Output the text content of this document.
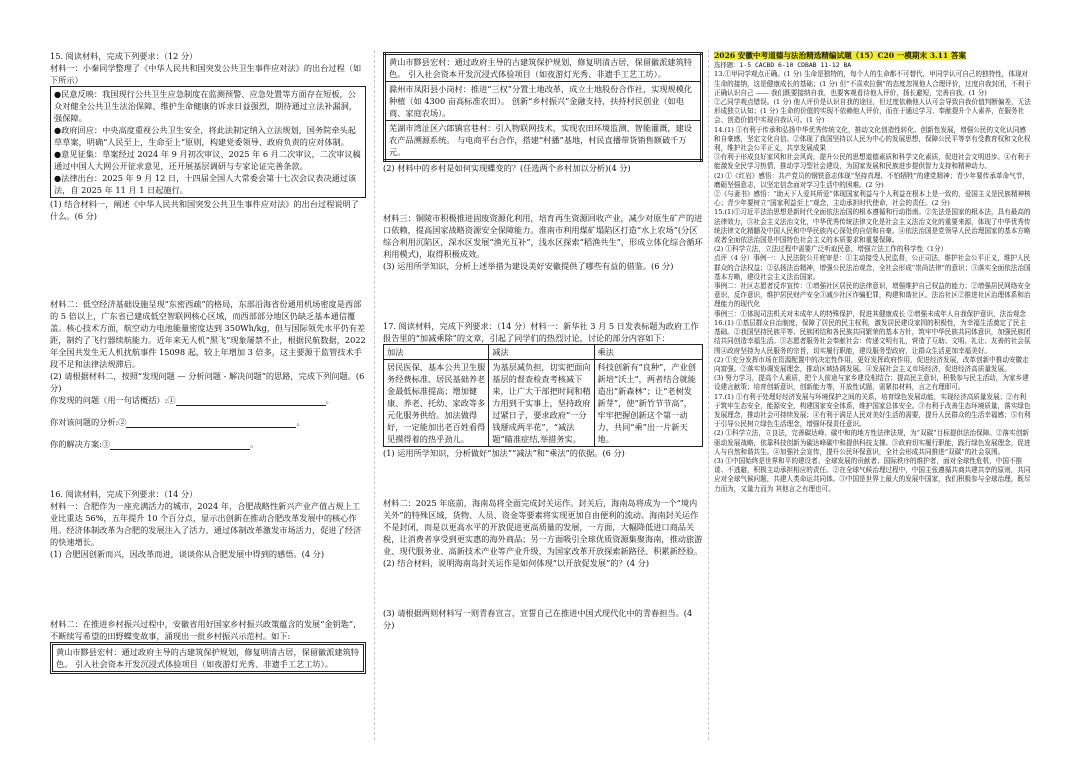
15. 阅读材料，完成下列要求：（12 分）

材料一：小秦同学整理了《中华人民共和国突发公共卫生事件应对法》的出台过程（如下所示）

●民意反映：我国现行公共卫生应急制度在监测预警、应急处置等方面存在短板，公众对健全公共卫生法治保障、维护生命健康的诉求日益强烈，期待通过立法补漏洞，强保障。

●政府回应：中央高度重视公共卫生安全，将此法制定纳入立法规划，国务院牵头起草草案，明确“人民至上，生命至上”原则，构建党委领导、政府负责的应对体制。

●意见征集：草案经过 2024 年 9 月初次审议、2025 年 6 月二次审议，二次审议稿通过中国人大网公开征求意见，还开展基层调研与专家论证完善条款。

●法律出台：2025 年 9 月 12 日，十四届全国人大常委会第十七次会议表决通过该法，自 2025 年 11 月 1 日起施行。

(1) 结合材料一，阐述《中华人民共和国突发公共卫生事件应对法》的出台过程说明了什么。(6 分)

材料二：低空经济基础设施呈现“东密西疏”的格局，东部沿海省份通用机场密度是西部的 5 倍以上，广东省已建成低空智联网核心区域，而西部部分地区仍缺乏基本通信覆盖。核心技术方面，航空动力电池能量密度达到 350Wh/kg，但与国际领先水平仍有差距，制约了飞行器续航能力。近年来无人机“黑飞”现象屡禁不止，根据民航数据，2022 年全国共发生无人机扰航事件 15098 起，较上年增加 3 倍多，这主要源于监管技术手段不足和法律法规滞后。

(2) 请根据材料二，按照“发现问题 — 分析问题 - 解决问题”的思路，完成下列问题。(6 分)

你发现的问题（用一句话概括）:①	。

你对该问题的分析:②	。

你的解决方案:③	。

16. 阅读材料，完成下列要求：（14 分）

材料一：合肥作为一座充满活力的城市，2024 年，合肥战略性新兴产业产值占规上工业比重达 56%，五年提升 10 个百分点，显示出创新在推动合肥改革发展中的核心作用。经济体制改革为合肥的发展注入了活力，通过体制改革激发市场活力，促进了经济的快速增长。

(1) 合肥因创新而兴，因改革而进，谈谈你从合肥发展中得到的感悟。(4 分)

材料二：在推进乡村振兴过程中，安徽省用好国家乡村振兴政策蕴含的发展“金钥匙”，不断续写希望的田野蝶变故事，涌现出一批乡村振兴示范村。如下:

黄山市黟县宏村：通过政府主导的古建筑保护规划，修复明清古居，保留徽派建筑特色。 引入社会资本开发沉浸式体验项目（如夜游灯光秀、非遗手工艺工坊）。

黄山市黟县宏村：通过政府主导的古建筑保护规划，修复明清古居，保留徽派建筑特色。 引入社会资本开发沉浸式体验项目（如夜游灯光秀、非遗手工艺工坊）。
滁州市凤阳县小岗村：推进“三权”分置土地改革，成立土地股份合作社，实现规模化种植（如 4300 亩高标准农田）。 创新“乡村振兴”金融支持，扶持村民创业（如电商、家庭农场）。
芜湖市湾沚区六郎镇官巷村：引入物联网技术，实现农田环境监测、智能灌溉，建设农产品溯源系统。 与电商平台合作，搭建“村播”基地，村民直播带货销售额破千万元。

(2) 材料中的乡村是如何实现蝶变的？(任选两个乡村加以分析)(4 分)

材料三：铜陵市积极推进固废资源化利用，培育再生资源回收产业，减少对原生矿产的进口依赖，提高国家战略资源安全保障能力。淮南市利用煤矿塌陷区打造“水上农场”(分区综合利用沉陷区，深水区发展“渔光互补”，浅水区探索“稻渔共生”，形成立体化综合循环利用模式)，取得积极成效。

(3) 运用所学知识，分析上述举措为建设美好安徽提供了哪些有益的借鉴。(6 分)

17. 阅读材料，完成下列要求：（14 分）材料一：新华社 3 月 5 日发表标题为政府工作报告里的“加减乘除”的文章，引起了同学们的热烈讨论，讨论的部分内容如下：

加法	减法	乘法
居民医保、基本公共卫生服务经费标准、居民基础养老金最低标准提高；增加健康、养老、托幼、家政等多元化服务供给。加法做得好，一定能加出老百姓看得见摸得着的热乎劲儿。	为基层减负担，切实把面向基层的督查检查考核减下来，让广大干部把时间和精力用到干实事上，坚持政府过紧日子，要求政府“一分钱掰成两半花”，“减法题”瞄准症结,举措务实。	科技创新有“良种”，产业创新培“沃土”，两者结合就能造出“新森林”；让“老树发新芽”，使“新竹节节高”，牢牢把握创新这个第一动力，共同“乘”出一片新天地。

(1) 运用所学知识，分析做好“加法”“减法”和“乘法”的依据。(6 分)

材料二：2025 年底前，海南岛将全面完成封关运作。封关后，海南岛将成为一个“境内关外”的特殊区域，货物、人员、资金等要素将实现更加自由便利的流动。海南封关运作不是封闭，而是以更高水平的开放促进更高质量的发展，一方面，大幅降低进口商品关税，让消费者享受到更实惠的海外商品；另一方面吸引全球优质资源集聚海南，推动旅游业、现代服务业、高新技术产业等产业升级，为国家改革开放探索新路径、积累新经验。

(2) 结合材料，说明海南岛封关运作是如何体现“以开放促发展”的？(4 分)

(3) 请根据两则材料写一则青春宣言，宣誓自己在推进中国式现代化中的青春担当。(4 分)

2026 安徽中考道德与法治精选精编试题（15）C20 一模期末 3.11 答案

选择题：1-5 CACBD 6-10 CDBAB 11-12 BA

13.①甲同学观点正确。(1 分) 生命是独特的，每个人的生命都不可替代，甲同学认可自己的独特性，体现对生命的接纳，这是健康成长的基础；(1 分) 但“不喜欢拉倒”的态度忽视他人合理评价，过度自我封闭，不利于正确认识自己 —— 我们既要接纳自我，也要客观看待他人评价，扬长避短，完善自我。(1 分)

②乙同学观点错误。(1 分) 他人评价是认识自我的途径，但过度依赖他人认可会导致自我价值判断偏差，无法形成独立认知；(1 分) 生命的价值的实现不依赖他人评价，而在于通过学习、奉献提升个人素养，在服务社会、创造价值中实现自我认可。(1 分)

14.(1) ①有利于传承和弘扬中华优秀传统文化，推动文化创造性转化、创新性发展，增强公民的文化认同感和自豪感，坚定文化自信。②体现了我国坚持以人民为中心的发展思想，保障公民平等享有受教育权和文化权利，维护社会公平正义，共享发展成果

③有利于形成良好家风和社会风尚，提升公民的思想道德素质和科学文化素质，促进社会文明进步。④有利于能激发全民学习热情，推动学习型社会建设，为国家发展和民族进步提供智力支持和精神动力。

(2) ①《红岩》感悟：共产党员的钢铁意志体现“坚持真理、不怕牺牲”的建党精神；青少年要传承革命气节，磨砺坚强意志，以坚定信念面对学习生活中的困难。(2 分)

②《与妻书》感悟：“助天下人爱其所爱”体现国家利益与个人利益在根本上是一致的，爱国主义是民族精神核心；青少年要树立“国家利益至上”观念，主动承担时代使命，社会的责任。(2 分)

15.(1)①习近平法治思想是新时代全面依法治国的根本遵循和行动指南。②先法是国家的根本法，具有最高的法律效力，③社会主义法治文化，中华优秀传统法律文化是社会主义法治文化的重要来源，体现了中华优秀传统法律文化精髓及中国人民和中华民族内心深处的自信和自豪。④依法治国是党领导人民治理国家的基本方略或者全面依法治国是中国特色社会主义的本质要求和重要保障。

(2) ①科学立法，立法过程中需要广泛听取民意，增强立法工作的科学性（1分）

点评（4 分）事例一：人民法院公开庭审是：①主动接受人民监督，公正司法，维护社会公平正义，维护人民群众的合法权益；②弘扬法治精神，增强公民法治观念，全社会形成“崇尚法律”的意识；③落实全面依法治国基本方略，建设社会主义法治国家。

事例二：社区志愿者反诈宣传：①增强社区居民的法律意识，增强维护自己权益的能力；②增强居民网络安全意识，反诈意识，维护居民财产安全③减少社区诈骗犯罪，构建和谐社区。法治社区②推进社区治理体系和治理能力的现代化

事例三：①体现司法机关对未成年人的特殊保护，促进其健康成长 ②增强未成年人自我保护意识，法治观念

16.(1) ①基层群众自治制度，保障了居民的民主权利，激发居民建设家园的积极性，为幸福生活奠定了民主基础。②我国坚持民族平等、民族团结和各民族共同繁荣的基本方针，筑牢中华民族共同体意识，加强民族团结共同创造幸福生活。③志愿者服务社会奉献社会：传递文明有礼，营造了互助、文明、礼让、友善的社会氛围④政府坚持为人民服务的宗旨，切实履行职能，建设服务型政府，让群众生活更加幸福美好。

(2) ①充分发挥市场在资源配置中的决定性作用，更好发挥政府作用，促进经济发展，改革创新中推动安徽走向富强。②落实协调发展理念，推动区域协调发展。④发展社会主义市场经济，促进经济高质量发展。

(3) 努力学习，提高个人素质，把个人前途与家乡建设相结合；提高民主意识，积极参与民主活动，为家乡建设建言献策；培育创新意识，创新能力等，开放性试题，需紧扣材料，言之有理即可。

17.(1) ①有利于处理好经济发展与环境保护之间的关系，培育绿色发展动能，实现经济高质量发展；②有利于筑牢生态安全，能源安全，构建国家安全体系，维护国家总体安全。③有利于改善生态环境质量，落实绿色发展理念，推动社会可持续发展；④有利于满足人民对美好生活的需要，提升人民群众的生活幸福感；⑤有利于引导公民树立绿色生活理念，增强环保责任意识。

(2) ①科学立法，立良法，完善碳达峰、碳中和的地方性法律法规，为“双碳”目标提供法治保障。②落实创新驱动发展战略，依靠科技创新为碳达峰碳中和提供科技支撑。③政府切实履行职能，践行绿色发展理念，促进人与自然和谐共生。④加强社会宣传，提升公民环保意识，全社会形成共同推进“双碳”的社会氛围。

(3) ①中国始终是世界和平的建设者、全球发展的贡献者、国际秩序的维护者，面对全球性危机，中国不推诿、不逃避，积极主动承担相应的责任。②在全球气候治理过程中，中国主张遵循共商共建共享的原则，共同应对全球气候问题，共建人类命运共同体。③中国是世界上最大的发展中国家，我们积极参与全球治理，既尽力而为，又量力而为 其他言之有理也可。
